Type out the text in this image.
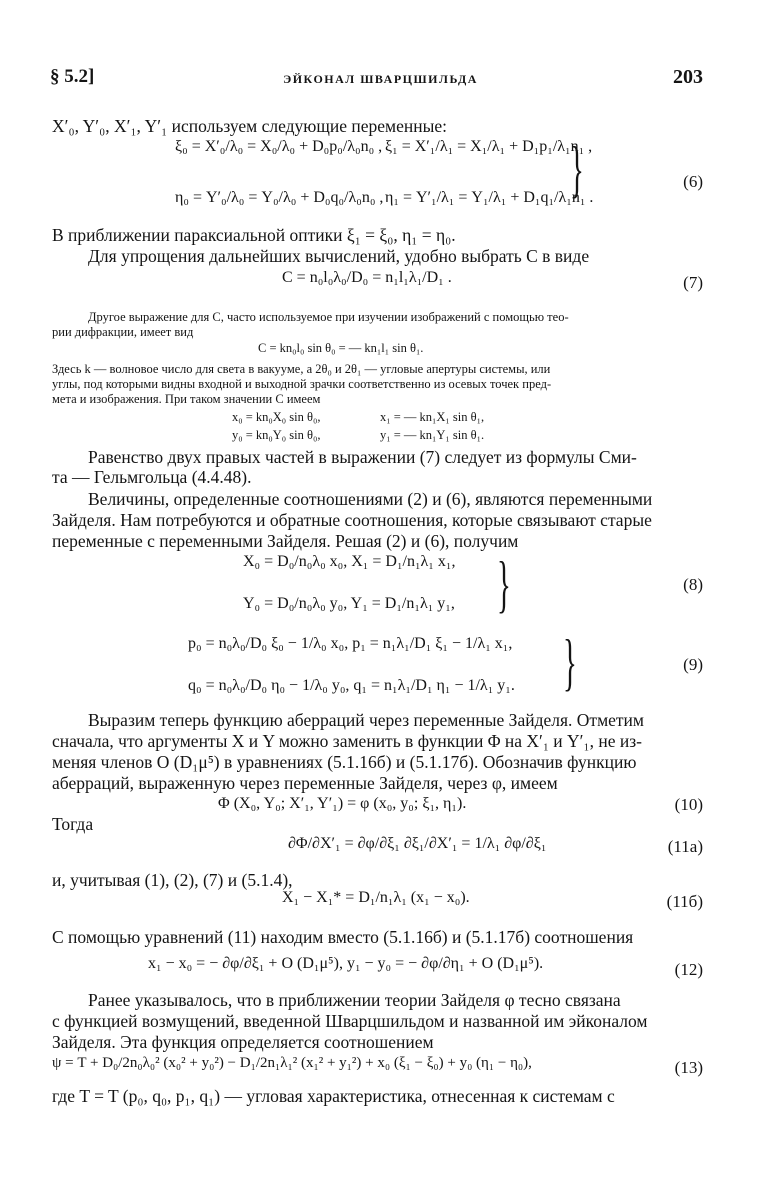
§ 5.2]	ЭЙКОНАЛ ШВАРЦШИЛЬДА	203
X′₀, Y′₀, X′₁, Y′₁ используем следующие переменные:
ξ₀ = X′₀/λ₀ = X₀/λ₀ + D₀p₀/λ₀n₀ , ξ₁ = X′₁/λ₁ = X₁/λ₁ + D₁p₁/λ₁n₁ ,
η₀ = Y′₀/λ₀ = Y₀/λ₀ + D₀q₀/λ₀n₀ , η₁ = Y′₁/λ₁ = Y₁/λ₁ + D₁q₁/λ₁n₁ .
}	(6)
В приближении параксиальной оптики ξ₁ = ξ₀, η₁ = η₀.
Для упрощения дальнейших вычислений, удобно выбрать C в виде
C = n₀l₀λ₀/D₀ = n₁l₁λ₁/D₁ .	(7)
Другое выражение для C, часто используемое при изучении изображений с помощью тео-
рии дифракции, имеет вид
C = kn₀l₀ sin θ₀ = — kn₁l₁ sin θ₁.
Здесь k — волновое число для света в вакууме, а 2θ₀ и 2θ₁ — угловые апертуры системы, или
углы, под которыми видны входной и выходной зрачки соответственно из осевых точек пред-
мета и изображения. При таком значении C имеем
x₀ = kn₀X₀ sin θ₀,	x₁ = — kn₁X₁ sin θ₁,
y₀ = kn₀Y₀ sin θ₀,	y₁ = — kn₁Y₁ sin θ₁.
Равенство двух правых частей в выражении (7) следует из формулы Сми-
та — Гельмгольца (4.4.48).
Величины, определенные соотношениями (2) и (6), являются переменными
Зайделя. Нам потребуются и обратные соотношения, которые связывают старые
переменные с переменными Зайделя. Решая (2) и (6), получим
X₀ = D₀/n₀λ₀ x₀, X₁ = D₁/n₁λ₁ x₁,
Y₀ = D₀/n₀λ₀ y₀, Y₁ = D₁/n₁λ₁ y₁, }	(8)
p₀ = n₀λ₀/D₀ ξ₀ − 1/λ₀ x₀, p₁ = n₁λ₁/D₁ ξ₁ − 1/λ₁ x₁,
q₀ = n₀λ₀/D₀ η₀ − 1/λ₀ y₀, q₁ = n₁λ₁/D₁ η₁ − 1/λ₁ y₁. }	(9)
Выразим теперь функцию аберраций через переменные Зайделя. Отметим
сначала, что аргументы X и Y можно заменить в функции Φ на X′₁ и Y′₁, не из-
меняя членов O (D₁μ⁵) в уравнениях (5.1.16б) и (5.1.17б). Обозначив функцию
аберраций, выраженную через переменные Зайделя, через φ, имеем
Φ (X₀, Y₀; X′₁, Y′₁) = φ (x₀, y₀; ξ₁, η₁).	(10)
Тогда
∂Φ/∂X′₁ = ∂φ/∂ξ₁ ∂ξ₁/∂X′₁ = 1/λ₁ ∂φ/∂ξ₁	(11a)
и, учитывая (1), (2), (7) и (5.1.4),
X₁ − X₁* = D₁/n₁λ₁ (x₁ − x₀).	(11б)
С помощью уравнений (11) находим вместо (5.1.16б) и (5.1.17б) соотношения
x₁ − x₀ = − ∂φ/∂ξ₁ + O (D₁μ⁵), y₁ − y₀ = − ∂φ/∂η₁ + O (D₁μ⁵).	(12)
Ранее указывалось, что в приближении теории Зайделя φ тесно связана
с функцией возмущений, введенной Шварцшильдом и названной им эйконалом
Зайделя. Эта функция определяется соотношением
ψ = T + D₀/2n₀λ₀² (x₀² + y₀²) − D₁/2n₁λ₁² (x₁² + y₁²) + x₀ (ξ₁ − ξ₀) + y₀ (η₁ − η₀),	(13)
где T = T (p₀, q₀, p₁, q₁) — угловая характеристика, отнесенная к системам с
